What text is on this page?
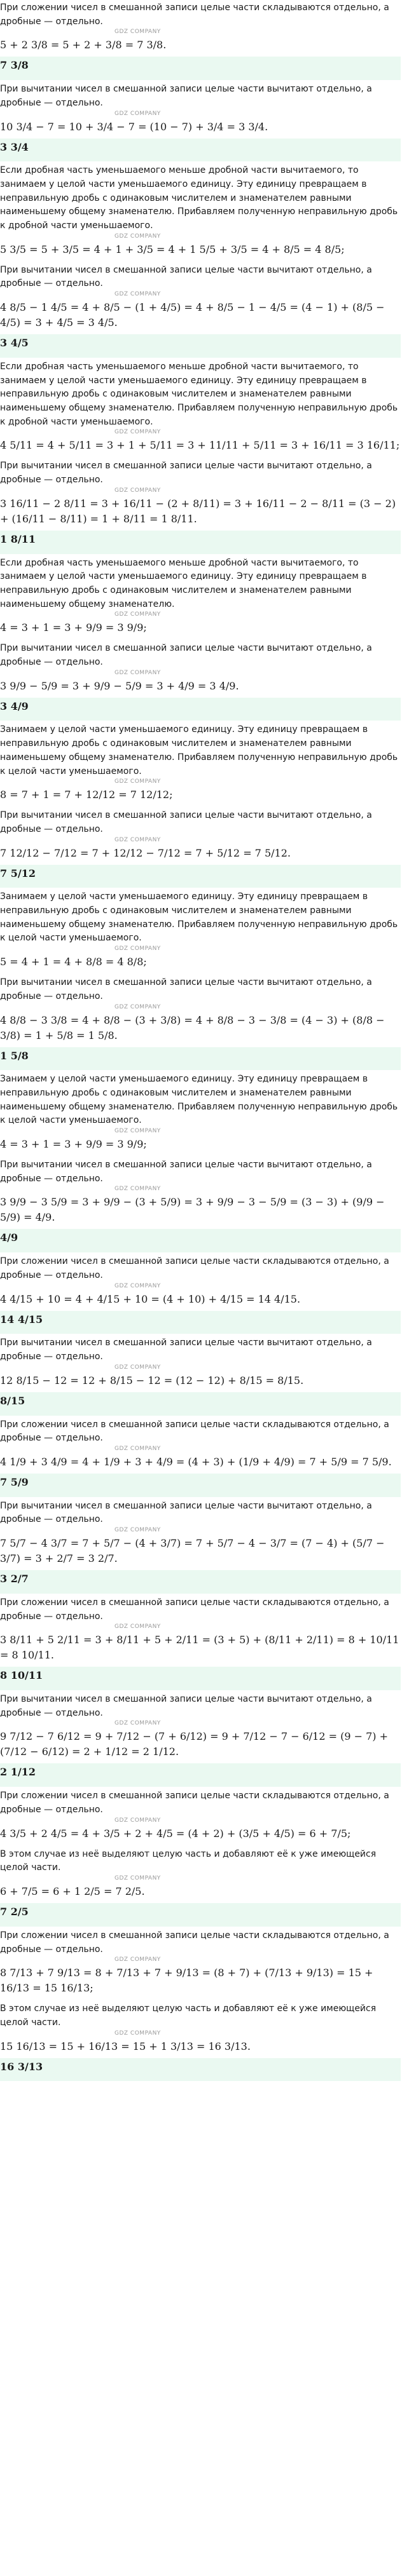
При сложении чисел в смешанной записи целые части складываются отдельно, а дробные — отдельно.

GDZ COMPANY

5 + 2 3/8 = 5 + 2 + 3/8 = 7 3/8.

7 3/8

При вычитании чисел в смешанной записи целые части вычитают отдельно, а дробные — отдельно.

GDZ COMPANY

10 3/4 − 7 = 10 + 3/4 − 7 = (10 − 7) + 3/4 = 3 3/4.

3 3/4

Если дробная часть уменьшаемого меньше дробной части вычитаемого, то занимаем у целой части уменьшаемого единицу. Эту единицу превращаем в неправильную дробь с одинаковым числителем и знаменателем равными наименьшему общему знаменателю. Прибавляем полученную неправильную дробь к дробной части уменьшаемого.

GDZ COMPANY

5 3/5 = 5 + 3/5 = 4 + 1 + 3/5 = 4 + 1 5/5 + 3/5 = 4 + 8/5 = 4 8/5;

При вычитании чисел в смешанной записи целые части вычитают отдельно, а дробные — отдельно.

GDZ COMPANY

4 8/5 − 1 4/5 = 4 + 8/5 − (1 + 4/5) = 4 + 8/5 − 1 − 4/5 = (4 − 1) + (8/5 − 4/5) = 3 + 4/5 = 3 4/5.

3 4/5

Если дробная часть уменьшаемого меньше дробной части вычитаемого, то занимаем у целой части уменьшаемого единицу. Эту единицу превращаем в неправильную дробь с одинаковым числителем и знаменателем равными наименьшему общему знаменателю. Прибавляем полученную неправильную дробь к дробной части уменьшаемого.

GDZ COMPANY

4 5/11 = 4 + 5/11 = 3 + 1 + 5/11 = 3 + 11/11 + 5/11 = 3 + 16/11 = 3 16/11;

При вычитании чисел в смешанной записи целые части вычитают отдельно, а дробные — отдельно.

GDZ COMPANY

3 16/11 − 2 8/11 = 3 + 16/11 − (2 + 8/11) = 3 + 16/11 − 2 − 8/11 = (3 − 2) + (16/11 − 8/11) = 1 + 8/11 = 1 8/11.

1 8/11

Если дробная часть уменьшаемого меньше дробной части вычитаемого, то занимаем у целой части уменьшаемого единицу. Эту единицу превращаем в неправильную дробь с одинаковым числителем и знаменателем равными наименьшему общему знаменателю.

GDZ COMPANY

4 = 3 + 1 = 3 + 9/9 = 3 9/9;

При вычитании чисел в смешанной записи целые части вычитают отдельно, а дробные — отдельно.

GDZ COMPANY

3 9/9 − 5/9 = 3 + 9/9 − 5/9 = 3 + 4/9 = 3 4/9.

3 4/9

Занимаем у целой части уменьшаемого единицу. Эту единицу превращаем в неправильную дробь с одинаковым числителем и знаменателем равными наименьшему общему знаменателю. Прибавляем полученную неправильную дробь к целой части уменьшаемого.

GDZ COMPANY

8 = 7 + 1 = 7 + 12/12 = 7 12/12;

При вычитании чисел в смешанной записи целые части вычитают отдельно, а дробные — отдельно.

GDZ COMPANY

7 12/12 − 7/12 = 7 + 12/12 − 7/12 = 7 + 5/12 = 7 5/12.

7 5/12

Занимаем у целой части уменьшаемого единицу. Эту единицу превращаем в неправильную дробь с одинаковым числителем и знаменателем равными наименьшему общему знаменателю. Прибавляем полученную неправильную дробь к целой части уменьшаемого.

GDZ COMPANY

5 = 4 + 1 = 4 + 8/8 = 4 8/8;

При вычитании чисел в смешанной записи целые части вычитают отдельно, а дробные — отдельно.

GDZ COMPANY

4 8/8 − 3 3/8 = 4 + 8/8 − (3 + 3/8) = 4 + 8/8 − 3 − 3/8 = (4 − 3) + (8/8 − 3/8) = 1 + 5/8 = 1 5/8.

1 5/8

Занимаем у целой части уменьшаемого единицу. Эту единицу превращаем в неправильную дробь с одинаковым числителем и знаменателем равными наименьшему общему знаменателю. Прибавляем полученную неправильную дробь к целой части уменьшаемого.

GDZ COMPANY

4 = 3 + 1 = 3 + 9/9 = 3 9/9;

При вычитании чисел в смешанной записи целые части вычитают отдельно, а дробные — отдельно.

GDZ COMPANY

3 9/9 − 3 5/9 = 3 + 9/9 − (3 + 5/9) = 3 + 9/9 − 3 − 5/9 = (3 − 3) + (9/9 − 5/9) = 4/9.

4/9

При сложении чисел в смешанной записи целые части складываются отдельно, а дробные — отдельно.

GDZ COMPANY

4 4/15 + 10 = 4 + 4/15 + 10 = (4 + 10) + 4/15 = 14 4/15.

14 4/15

При вычитании чисел в смешанной записи целые части вычитают отдельно, а дробные — отдельно.

GDZ COMPANY

12 8/15 − 12 = 12 + 8/15 − 12 = (12 − 12) + 8/15 = 8/15.

8/15

При сложении чисел в смешанной записи целые части складываются отдельно, а дробные — отдельно.

GDZ COMPANY

4 1/9 + 3 4/9 = 4 + 1/9 + 3 + 4/9 = (4 + 3) + (1/9 + 4/9) = 7 + 5/9 = 7 5/9.

7 5/9

При вычитании чисел в смешанной записи целые части вычитают отдельно, а дробные — отдельно.

GDZ COMPANY

7 5/7 − 4 3/7 = 7 + 5/7 − (4 + 3/7) = 7 + 5/7 − 4 − 3/7 = (7 − 4) + (5/7 − 3/7) = 3 + 2/7 = 3 2/7.

3 2/7

При сложении чисел в смешанной записи целые части складываются отдельно, а дробные — отдельно.

GDZ COMPANY

3 8/11 + 5 2/11 = 3 + 8/11 + 5 + 2/11 = (3 + 5) + (8/11 + 2/11) = 8 + 10/11 = 8 10/11.

8 10/11

При вычитании чисел в смешанной записи целые части вычитают отдельно, а дробные — отдельно.

GDZ COMPANY

9 7/12 − 7 6/12 = 9 + 7/12 − (7 + 6/12) = 9 + 7/12 − 7 − 6/12 = (9 − 7) + (7/12 − 6/12) = 2 + 1/12 = 2 1/12.

2 1/12

При сложении чисел в смешанной записи целые части складываются отдельно, а дробные — отдельно.

GDZ COMPANY

4 3/5 + 2 4/5 = 4 + 3/5 + 2 + 4/5 = (4 + 2) + (3/5 + 4/5) = 6 + 7/5;

В этом случае из неё выделяют целую часть и добавляют её к уже имеющейся целой части.

GDZ COMPANY

6 + 7/5 = 6 + 1 2/5 = 7 2/5.

7 2/5

При сложении чисел в смешанной записи целые части складываются отдельно, а дробные — отдельно.

GDZ COMPANY

8 7/13 + 7 9/13 = 8 + 7/13 + 7 + 9/13 = (8 + 7) + (7/13 + 9/13) = 15 + 16/13 = 15 16/13;

В этом случае из неё выделяют целую часть и добавляют её к уже имеющейся целой части.

GDZ COMPANY

15 16/13 = 15 + 16/13 = 15 + 1 3/13 = 16 3/13.

16 3/13
